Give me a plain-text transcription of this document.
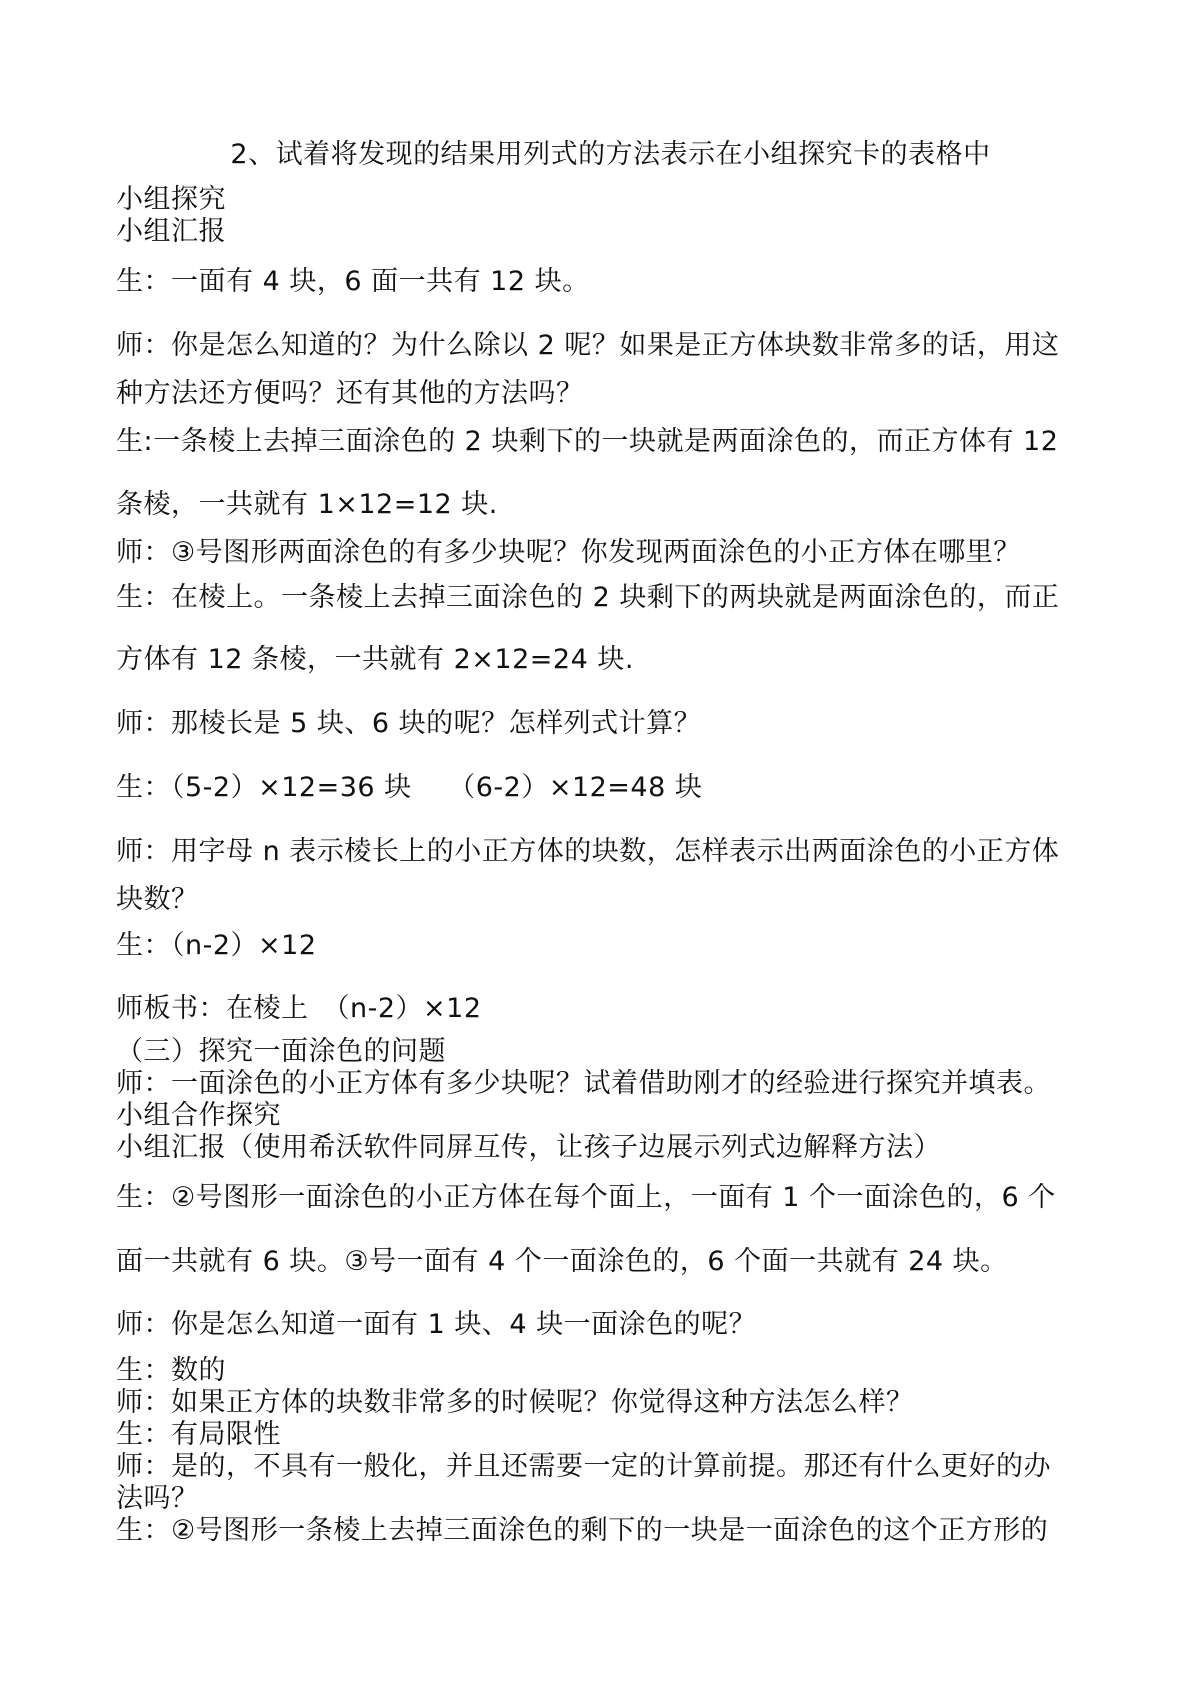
2、试着将发现的结果用列式的方法表示在小组探究卡的表格中
小组探究
小组汇报
生：一面有 4 块，6 面一共有 12 块。
师：你是怎么知道的？为什么除以 2 呢？如果是正方体块数非常多的话，用这
种方法还方便吗？还有其他的方法吗？
生:一条棱上去掉三面涂色的 2 块剩下的一块就是两面涂色的，而正方体有 12
条棱，一共就有 1×12=12 块.
师：③号图形两面涂色的有多少块呢？你发现两面涂色的小正方体在哪里？
生：在棱上。一条棱上去掉三面涂色的 2 块剩下的两块就是两面涂色的，而正
方体有 12 条棱，一共就有 2×12=24 块.
师：那棱长是 5 块、6 块的呢？怎样列式计算？
生：（5-2）×12=36 块　 （6-2）×12=48 块
师：用字母 n 表示棱长上的小正方体的块数，怎样表示出两面涂色的小正方体
块数？
生：（n-2）×12
师板书：在棱上　（n-2）×12
（三）探究一面涂色的问题
师：一面涂色的小正方体有多少块呢？试着借助刚才的经验进行探究并填表。
小组合作探究
小组汇报（使用希沃软件同屏互传，让孩子边展示列式边解释方法）
生：②号图形一面涂色的小正方体在每个面上，一面有 1 个一面涂色的，6 个
面一共就有 6 块。③号一面有 4 个一面涂色的，6 个面一共就有 24 块。
师：你是怎么知道一面有 1 块、4 块一面涂色的呢？
生：数的
师：如果正方体的块数非常多的时候呢？你觉得这种方法怎么样？
生：有局限性
师：是的，不具有一般化，并且还需要一定的计算前提。那还有什么更好的办
法吗？
生：②号图形一条棱上去掉三面涂色的剩下的一块是一面涂色的这个正方形的
